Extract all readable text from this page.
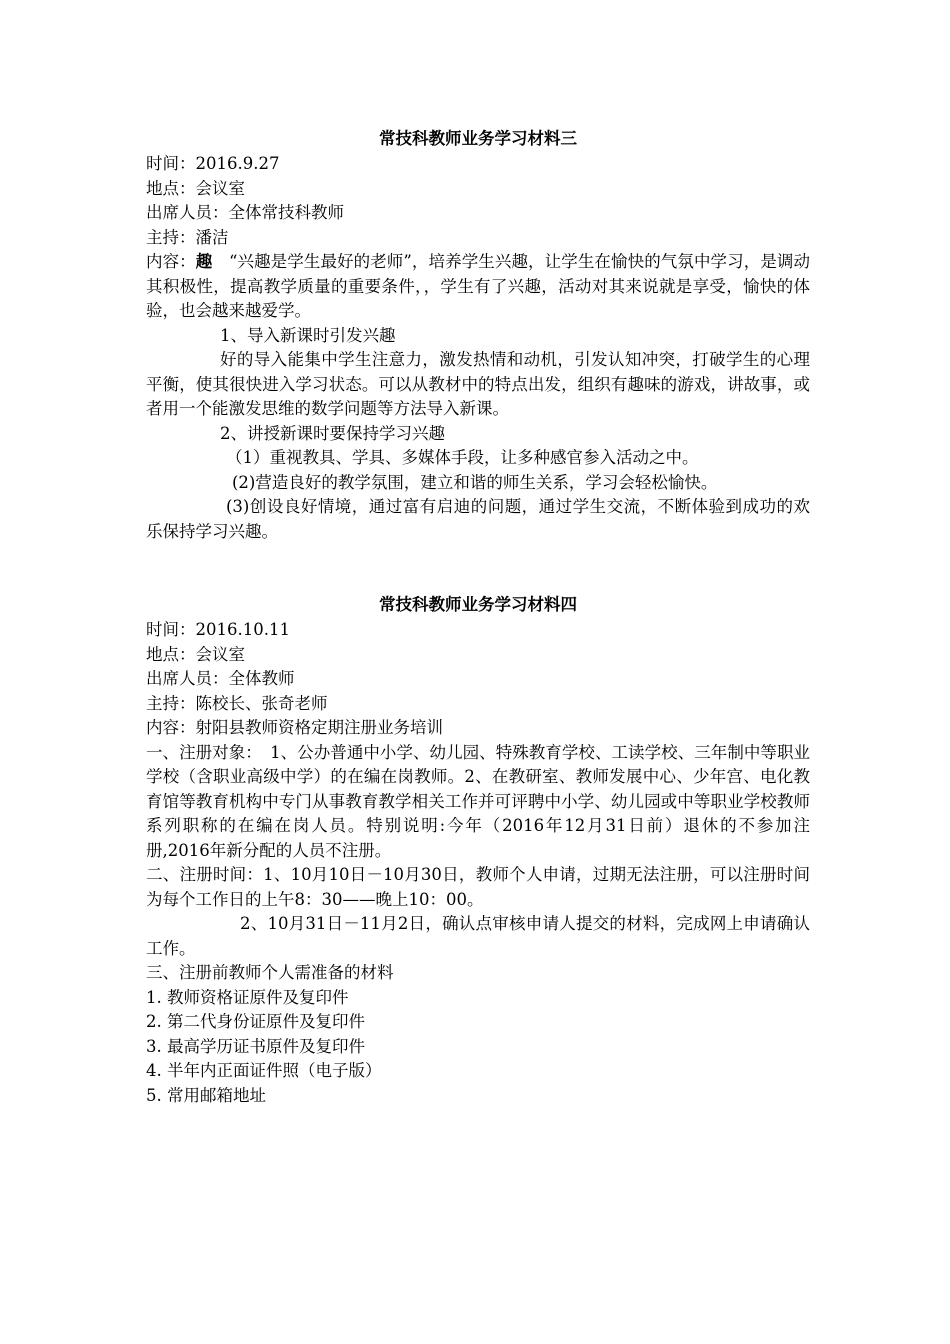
常技科教师业务学习材料三

时间：2016.9.27

地点：会议室

出席人员：全体常技科教师

主持：潘洁

内容：趣　“兴趣是学生最好的老师”，培养学生兴趣，让学生在愉快的气氛中学习，是调动其积极性，提高教学质量的重要条件，，学生有了兴趣，活动对其来说就是享受，愉快的体验，也会越来越爱学。

1、导入新课时引发兴趣

好的导入能集中学生注意力，激发热情和动机，引发认知冲突，打破学生的心理平衡，使其很快进入学习状态。可以从教材中的特点出发，组织有趣味的游戏，讲故事，或者用一个能激发思维的数学问题等方法导入新课。

2、讲授新课时要保持学习兴趣

（1）重视教具、学具、多媒体手段，让多种感官参入活动之中。

(2)营造良好的教学氛围，建立和谐的师生关系，学习会轻松愉快。

(3)创设良好情境，通过富有启迪的问题，通过学生交流，不断体验到成功的欢乐保持学习兴趣。

常技科教师业务学习材料四

时间：2016.10.11

地点：会议室

出席人员：全体教师

主持：陈校长、张奇老师

内容：射阳县教师资格定期注册业务培训

一、注册对象：　1、公办普通中小学、幼儿园、特殊教育学校、工读学校、三年制中等职业学校（含职业高级中学）的在编在岗教师。2、在教研室、教师发展中心、少年宫、电化教育馆等教育机构中专门从事教育教学相关工作并可评聘中小学、幼儿园或中等职业学校教师系列职称的在编在岗人员。特别说明:今年（2016年12月31日前）退休的不参加注册,2016年新分配的人员不注册。

二、注册时间：1、10月10日－10月30日，教师个人申请，过期无法注册，可以注册时间为每个工作日的上午8：30——晚上10：00。

2、10月31日－11月2日，确认点审核申请人提交的材料，完成网上申请确认工作。

三、注册前教师个人需准备的材料

1. 教师资格证原件及复印件

2. 第二代身份证原件及复印件

3. 最高学历证书原件及复印件

4. 半年内正面证件照（电子版）

5. 常用邮箱地址
